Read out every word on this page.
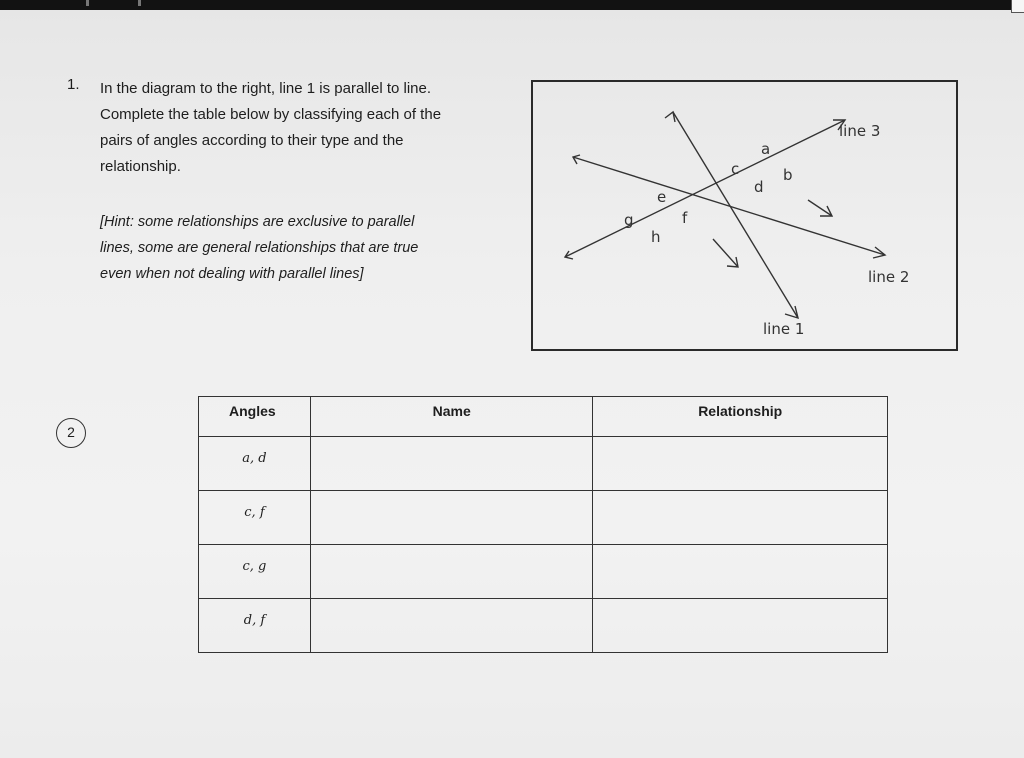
1. In the diagram to the right, line 1 is parallel to line.

Complete the table below by classifying each of the

pairs of angles according to their type and the

relationship.

[Hint: some relationships are exclusive to parallel
lines, some are general relationships that are true
even when not dealing with parallel lines]
line 3
line 2
line 1
a
b
c
d
e
f
g
h
2
Angles	Name	Relationship
a, d		
c, f		
c, g		
d, f		
